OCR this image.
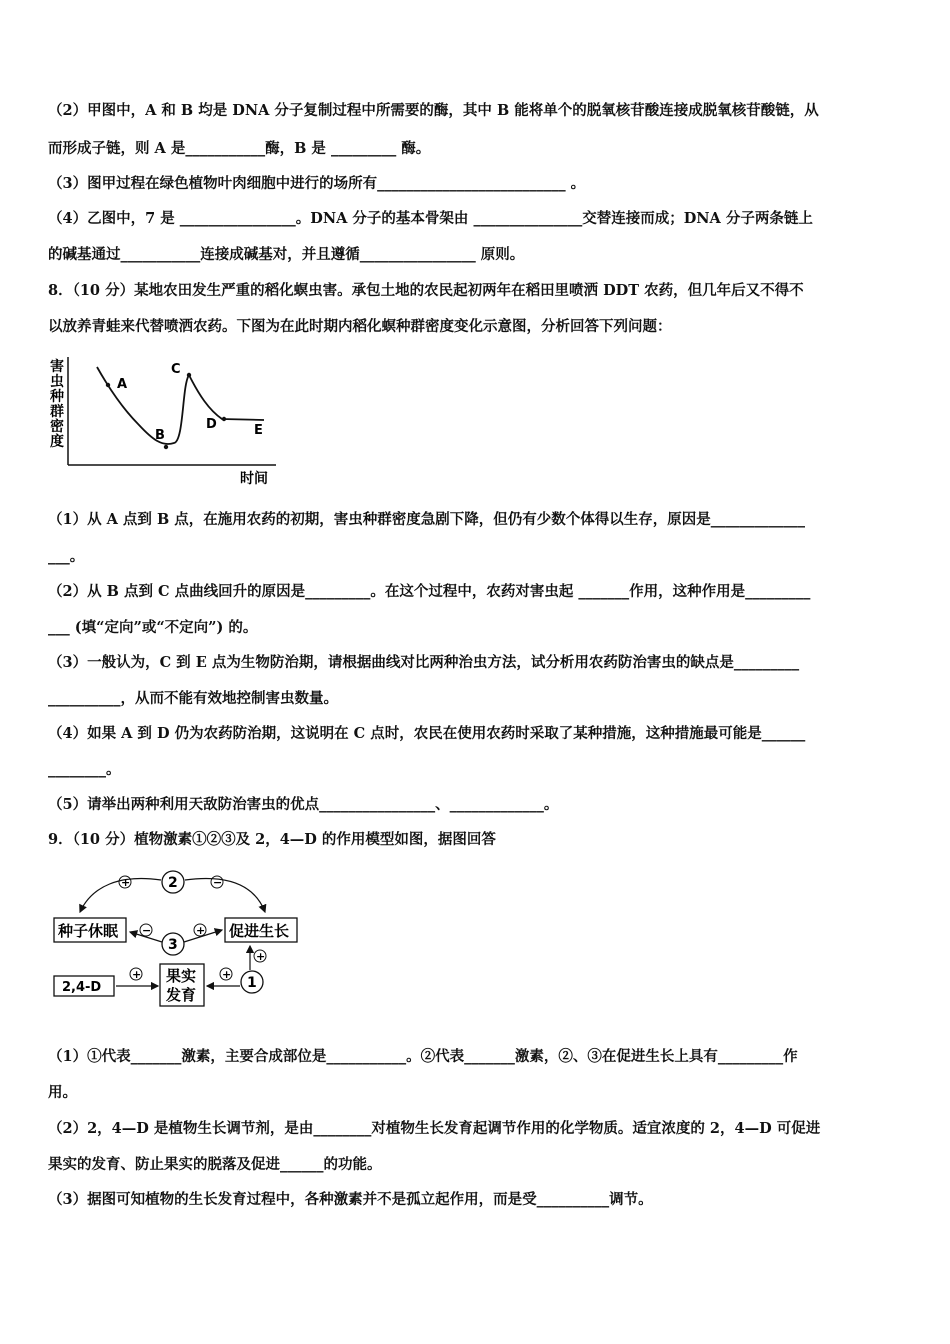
（2）甲图中，A 和 B 均是 DNA 分子复制过程中所需要的酶，其中 B 能将单个的脱氧核苷酸连接成脱氧核苷酸链，从
而形成子链，则 A 是___________酶，B 是 _________ 酶。
（3）图甲过程在绿色植物叶肉细胞中进行的场所有__________________________ 。
（4）乙图中，7 是 ________________。DNA 分子的基本骨架由 _______________交替连接而成；DNA 分子两条链上
的碱基通过___________连接成碱基对，并且遵循________________ 原则。
8．（10 分）某地农田发生严重的稻化螟虫害。承包土地的农民起初两年在稻田里喷洒 DDT 农药，但几年后又不得不
以放养青蛙来代替喷洒农药。下图为在此时期内稻化螟种群密度变化示意图，分析回答下列问题：
害
虫
种
群
密
度
时间
A
B
C
D	E
（1）从 A 点到 B 点，在施用农药的初期，害虫种群密度急剧下降，但仍有少数个体得以生存，原因是_____________
___。
（2）从 B 点到 C 点曲线回升的原因是_________。在这个过程中，农药对害虫起 _______作用，这种作用是_________
___ (填“定向”或“不定向”) 的。
（3）一般认为，C 到 E 点为生物防治期，请根据曲线对比两种治虫方法，试分析用农药防治害虫的缺点是_________
__________，从而不能有效地控制害虫数量。
（4）如果 A 到 D 仍为农药防治期，这说明在 C 点时，农民在使用农药时采取了某种措施，这种措施最可能是______
________。
（5）请举出两种利用天敌防治害虫的优点________________、_____________。
9．（10 分）植物激素①②③及 2，4—D 的作用模型如图，据图回答
2
+	−
种子休眠	促进生长
3
−	+
2,4-D
+ 果实
发育
1
+
+
（1）①代表_______激素，主要合成部位是___________。②代表_______激素，②、③在促进生长上具有_________作
用。
（2）2，4—D 是植物生长调节剂，是由________对植物生长发育起调节作用的化学物质。适宜浓度的 2，4—D 可促进
果实的发育、防止果实的脱落及促进______的功能。
（3）据图可知植物的生长发育过程中，各种激素并不是孤立起作用，而是受__________调节。
